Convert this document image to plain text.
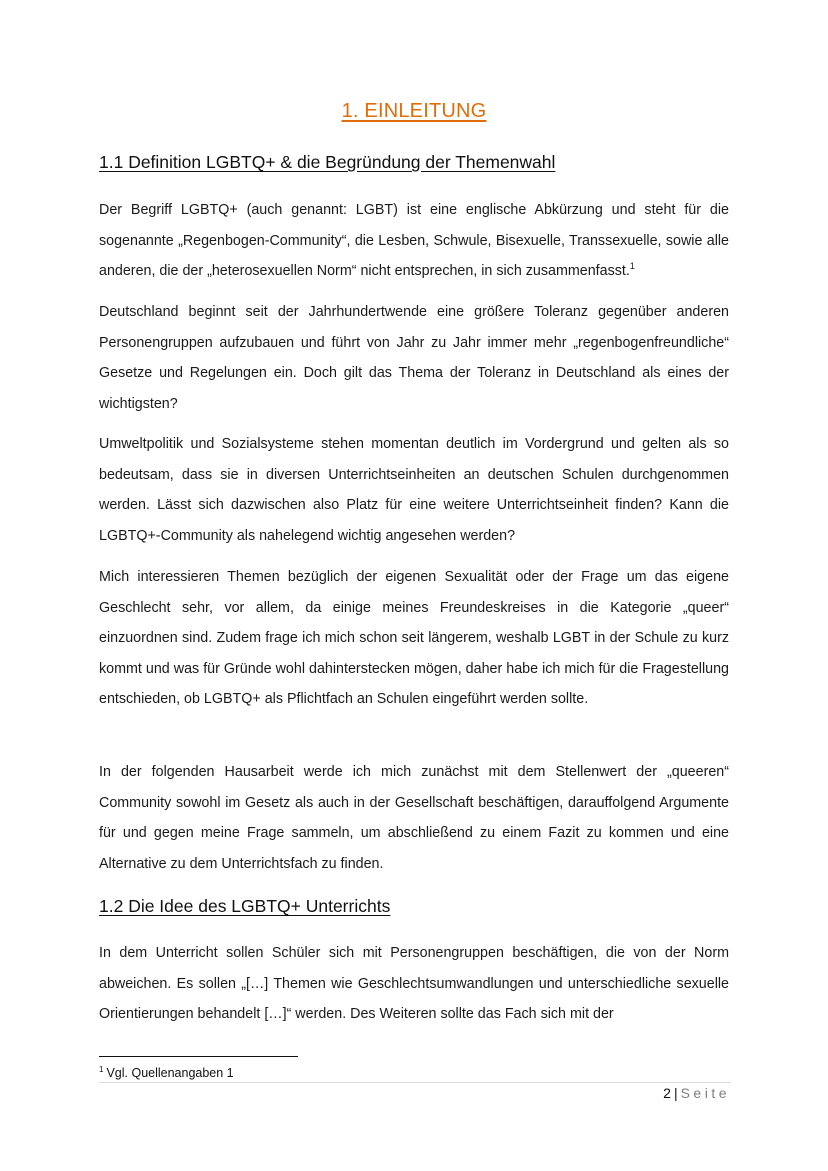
1. EINLEITUNG
1.1 Definition LGBTQ+ & die Begründung der Themenwahl

Der Begriff LGBTQ+ (auch genannt: LGBT) ist eine englische Abkürzung und steht für die sogenannte „Regenbogen-Community“, die Lesben, Schwule, Bisexuelle, Transsexuelle, sowie alle anderen, die der „heterosexuellen Norm“ nicht entsprechen, in sich zusammenfasst.$^1$

Deutschland beginnt seit der Jahrhundertwende eine größere Toleranz gegenüber anderen Personengruppen aufzubauen und führt von Jahr zu Jahr immer mehr „regenbogenfreundliche“ Gesetze und Regelungen ein. Doch gilt das Thema der Toleranz in Deutschland als eines der wichtigsten?

Umweltpolitik und Sozialsysteme stehen momentan deutlich im Vordergrund und gelten als so bedeutsam, dass sie in diversen Unterrichtseinheiten an deutschen Schulen durchgenommen werden. Lässt sich dazwischen also Platz für eine weitere Unterrichtseinheit finden? Kann die LGBTQ+-Community als nahelegend wichtig angesehen werden?

Mich interessieren Themen bezüglich der eigenen Sexualität oder der Frage um das eigene Geschlecht sehr, vor allem, da einige meines Freundeskreises in die Kategorie „queer“ einzuordnen sind. Zudem frage ich mich schon seit längerem, weshalb LGBT in der Schule zu kurz kommt und was für Gründe wohl dahinterstecken mögen, daher habe ich mich für die Fragestellung entschieden, ob LGBTQ+ als Pflichtfach an Schulen eingeführt werden sollte.

In der folgenden Hausarbeit werde ich mich zunächst mit dem Stellenwert der „queeren“ Community sowohl im Gesetz als auch in der Gesellschaft beschäftigen, darauffolgend Argumente für und gegen meine Frage sammeln, um abschließend zu einem Fazit zu kommen und eine Alternative zu dem Unterrichtsfach zu finden.

1.2 Die Idee des LGBTQ+ Unterrichts

In dem Unterricht sollen Schüler sich mit Personengruppen beschäftigen, die von der Norm abweichen. Es sollen „[…] Themen wie Geschlechtsumwandlungen und unterschiedliche sexuelle Orientierungen behandelt […]“ werden. Des Weiteren sollte das Fach sich mit der

$^1$ Vgl. Quellenangaben 1
2 | Seite
